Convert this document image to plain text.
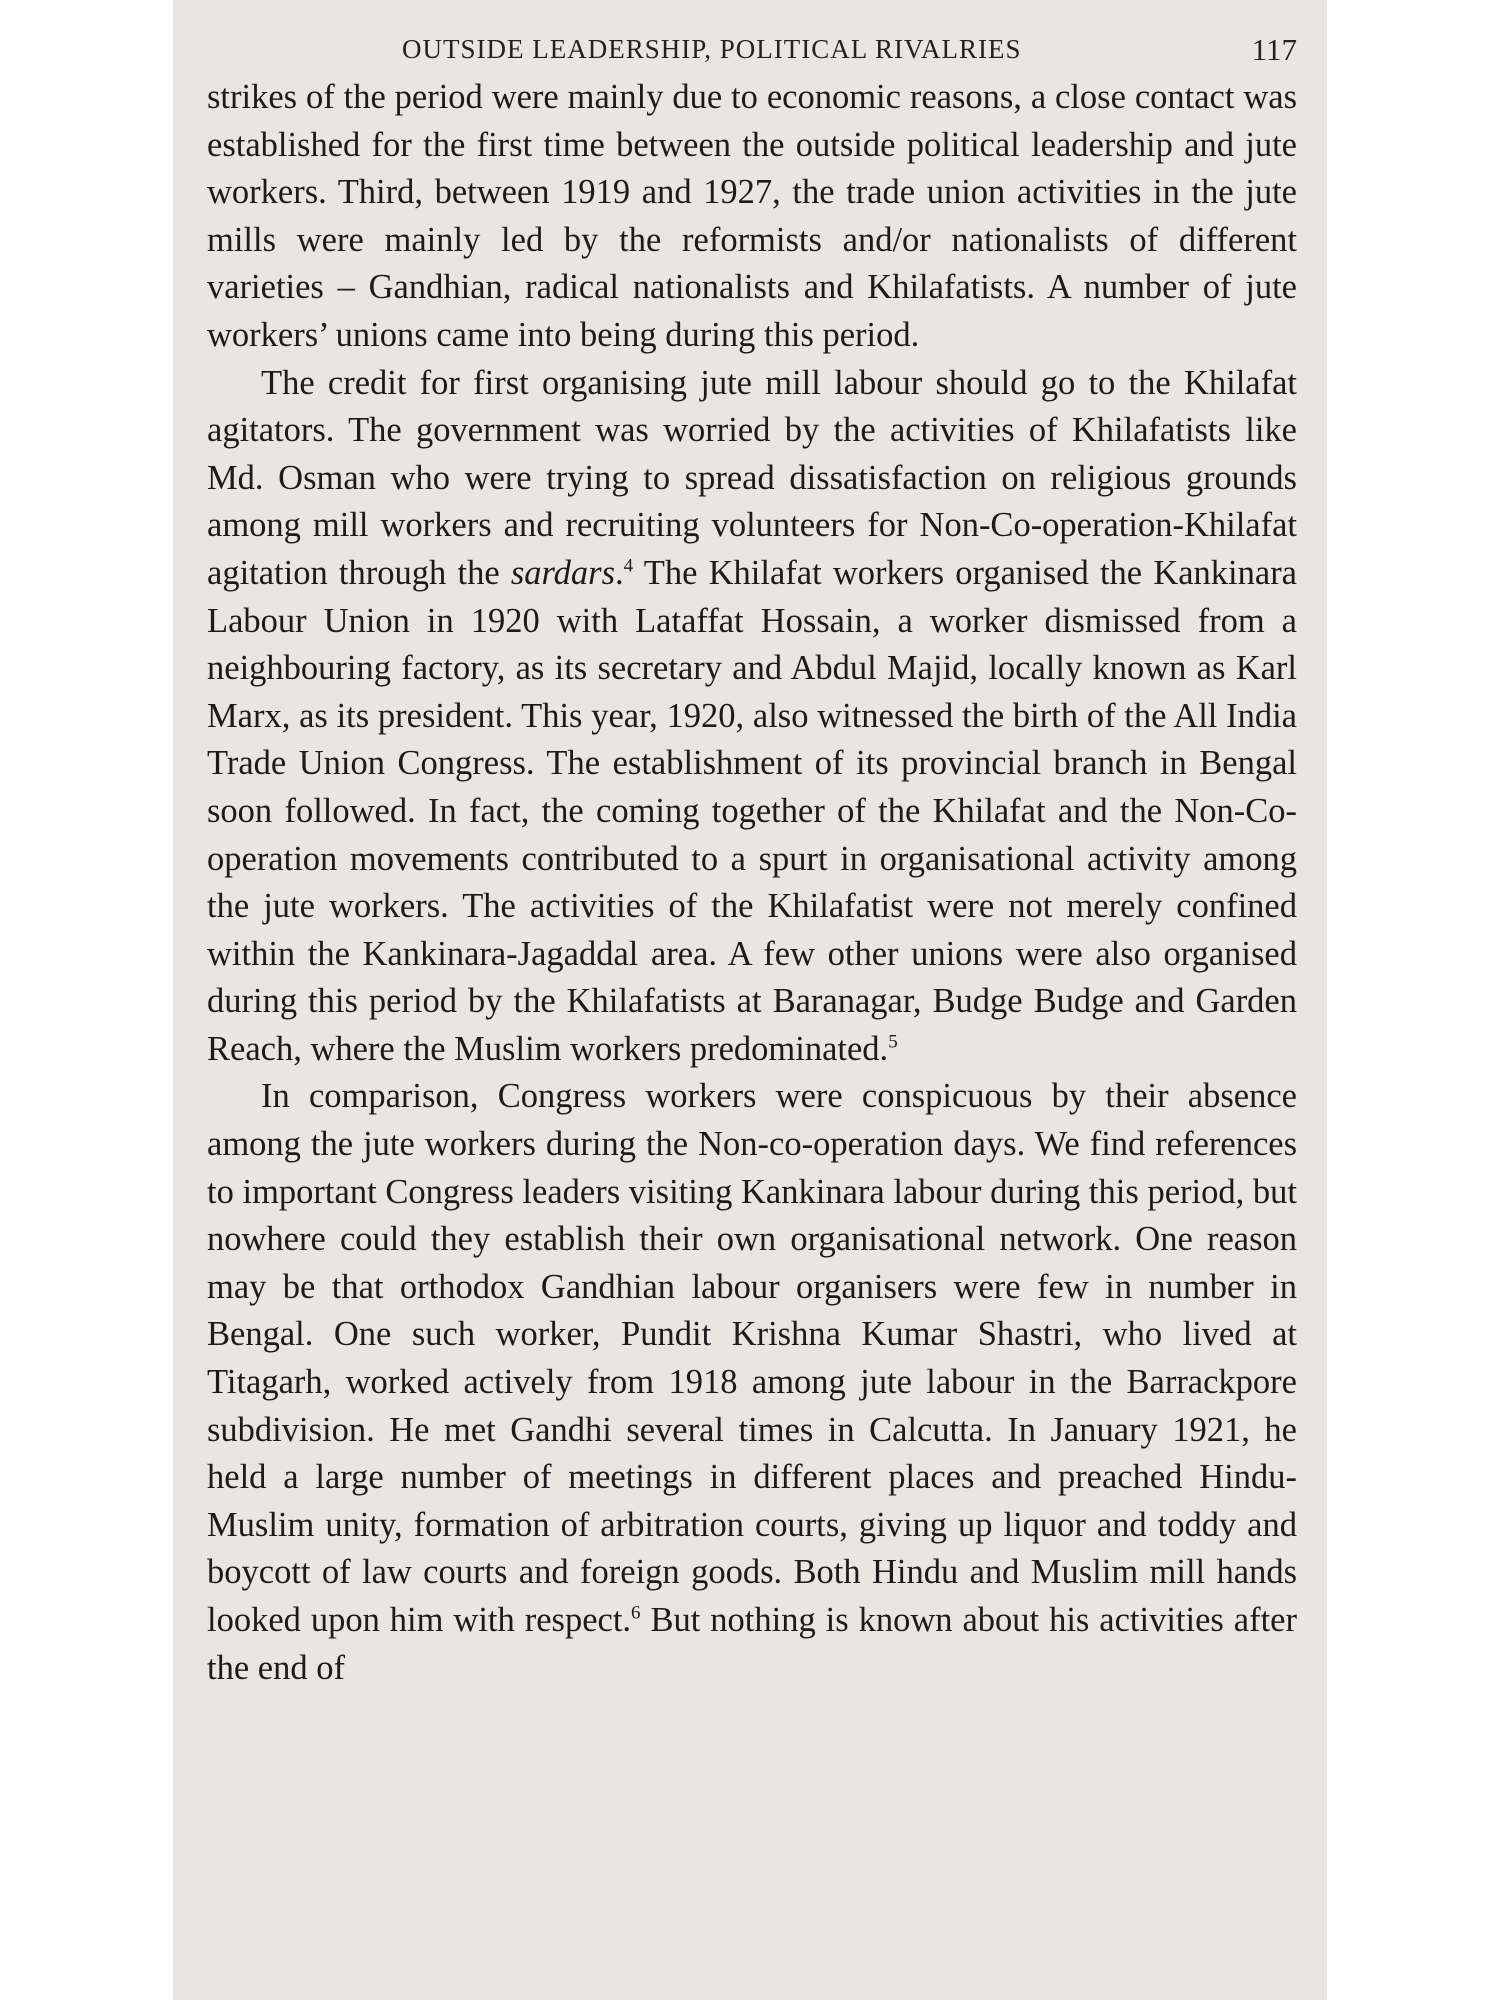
OUTSIDE LEADERSHIP, POLITICAL RIVALRIES	117

strikes of the period were mainly due to economic reasons, a close contact was established for the first time between the outside political leadership and jute workers. Third, between 1919 and 1927, the trade union activities in the jute mills were mainly led by the reformists and/or nationalists of different varieties – Gandhian, radical nationalists and Khilafatists. A number of jute workers’ unions came into being during this period.

The credit for first organising jute mill labour should go to the Khilafat agitators. The government was worried by the activities of Khilafatists like Md. Osman who were trying to spread dissatisfaction on religious grounds among mill workers and recruiting volunteers for Non-Co-operation-Khilafat agitation through the sardars.$^4$ The Khilafat workers organised the Kankinara Labour Union in 1920 with Lataffat Hossain, a worker dismissed from a neighbouring factory, as its secretary and Abdul Majid, locally known as Karl Marx, as its president. This year, 1920, also witnessed the birth of the All India Trade Union Congress. The establishment of its provincial branch in Bengal soon followed. In fact, the coming together of the Khilafat and the Non-Co-operation movements contributed to a spurt in organisational activity among the jute workers. The activities of the Khilafatist were not merely confined within the Kankinara-Jagaddal area. A few other unions were also organised during this period by the Khilafatists at Baranagar, Budge Budge and Garden Reach, where the Muslim workers predominated.$^5$

In comparison, Congress workers were conspicuous by their absence among the jute workers during the Non-co-operation days. We find references to important Congress leaders visiting Kankinara labour during this period, but nowhere could they establish their own organisational network. One reason may be that orthodox Gandhian labour organisers were few in number in Bengal. One such worker, Pundit Krishna Kumar Shastri, who lived at Titagarh, worked actively from 1918 among jute labour in the Barrackpore subdivision. He met Gandhi several times in Calcutta. In January 1921, he held a large number of meetings in different places and preached Hindu-Muslim unity, formation of arbitration courts, giving up liquor and toddy and boycott of law courts and foreign goods. Both Hindu and Muslim mill hands looked upon him with respect.$^6$ But nothing is known about his activities after the end of
